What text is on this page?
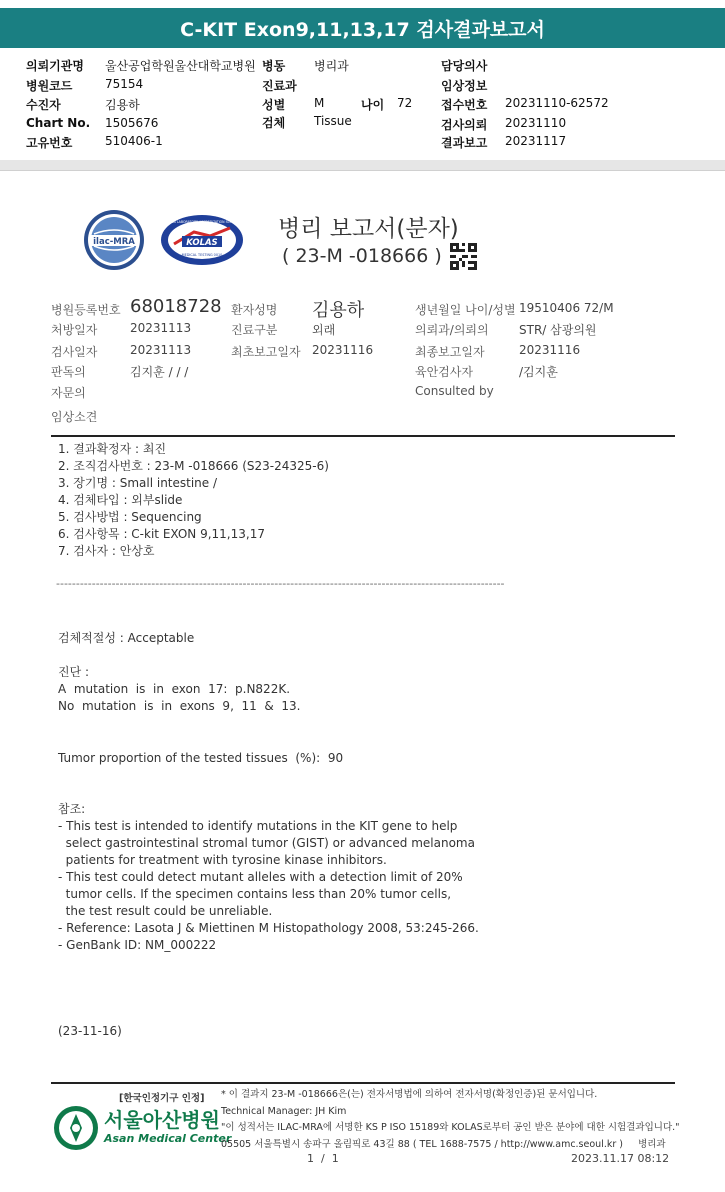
C-KIT Exon9,11,13,17 검사결과보고서
의뢰기관명 울산공업학원울산대학교병원 병동 병리과	담당의사
병원코드	75154	진료과	임상정보
수진자	김용하	성별 M	나이 72 접수번호 20231110-62572
Chart No. 1505676	검체 Tissue	검사의뢰 20231110
고유번호	510406-1	결과보고 20231117
ilac-MRA	KOLAS
KOREA LABORATORY ACCREDITATION SCHEME
MEDICAL TESTING 0010
병리 보고서(분자)
( 23-M -018666 )
병원등록번호 68018728 환자성명 김용하	생년월일 나이/성별 19510406 72/M
처방일자	20231113	진료구분	외래	의뢰과/의뢰의	STR/ 삼광의원
검사일자	20231113	최초보고일자 20231116	최종보고일자	20231116
판독의	김지훈 / / /	육안검사자	/김지훈
자문의	Consulted by
임상소견
1. 결과확정자 : 최진
2. 조직검사번호 : 23-M -018666 (S23-24325-6)
3. 장기명 : Small intestine /
4. 검체타입 : 외부slide
5. 검사방법 : Sequencing
6. 검사항목 : C-kit EXON 9,11,13,17
7. 검사자 : 안상호
-----------------------------------------------------------------------------------------------------------------
검체적절성 : Acceptable
진단 :
A  mutation  is  in  exon  17:  p.N822K.
No  mutation  is  in  exons  9,  11  &  13.
Tumor proportion of the tested tissues  (%):  90
참조:
- This test is intended to identify mutations in the KIT gene to help
select gastrointestinal stromal tumor (GIST) or advanced melanoma
patients for treatment with tyrosine kinase inhibitors.
- This test could detect mutant alleles with a detection limit of 20%
tumor cells. If the specimen contains less than 20% tumor cells,
the test result could be unreliable.
- Reference: Lasota J & Miettinen M Histopathology 2008, 53:245-266.
- GenBank ID: NM_000222
(23-11-16)
[한국인정기구 인정]
서울아산병원
Asan Medical Center
* 이 결과지 23-M -018666은(는) 전자서명법에 의하여 전자서명(확정인증)된 문서입니다.
Technical Manager: JH Kim
"이 성적서는 ILAC-MRA에 서명한 KS P ISO 15189와 KOLAS로부터 공인 받은 분야에 대한 시험결과입니다."
05505 서울특별시 송파구 올림픽로 43길 88 ( TEL 1688-7575 / http://www.amc.seoul.kr )     병리과
1  /  1	2023.11.17 08:12
